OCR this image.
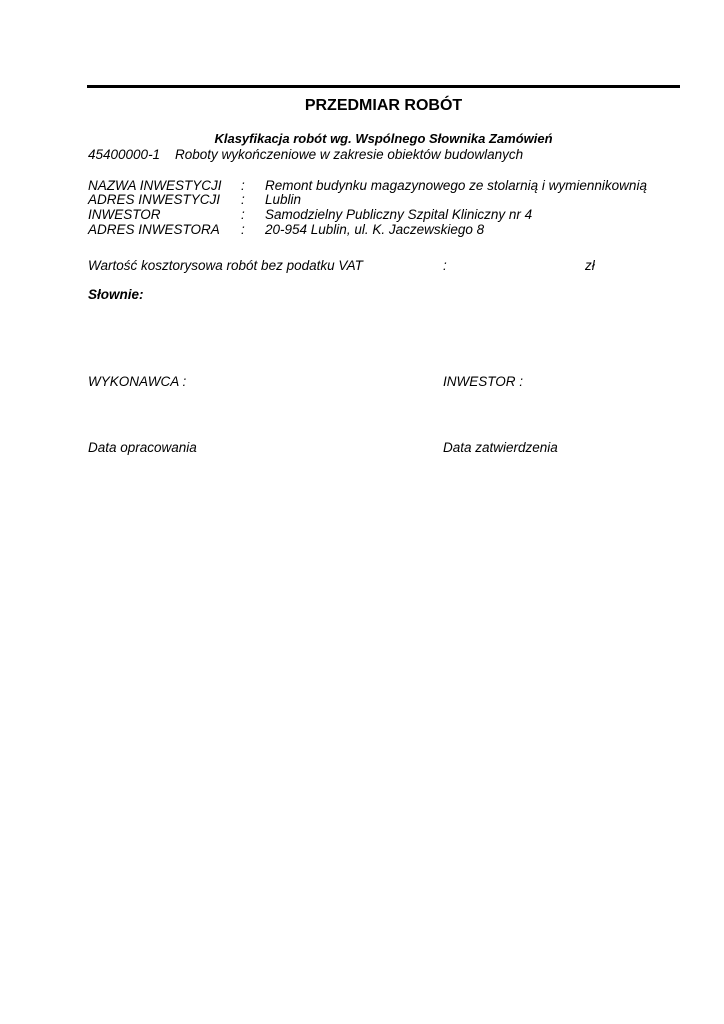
PRZEDMIAR ROBÓT
Klasyfikacja robót wg. Wspólnego Słownika Zamówień
45400000-1 Roboty wykończeniowe w zakresie obiektów budowlanych
NAZWA INWESTYCJI : Remont budynku magazynowego ze stolarnią i wymiennikownią
ADRES INWESTYCJI : Lublin
INWESTOR	: Samodzielny Publiczny Szpital Kliniczny nr 4
ADRES INWESTORA : 20-954 Lublin, ul. K. Jaczewskiego 8
Wartość kosztorysowa robót bez podatku VAT	:	zł
Słownie:
WYKONAWCA :	INWESTOR :
Data opracowania	Data zatwierdzenia
